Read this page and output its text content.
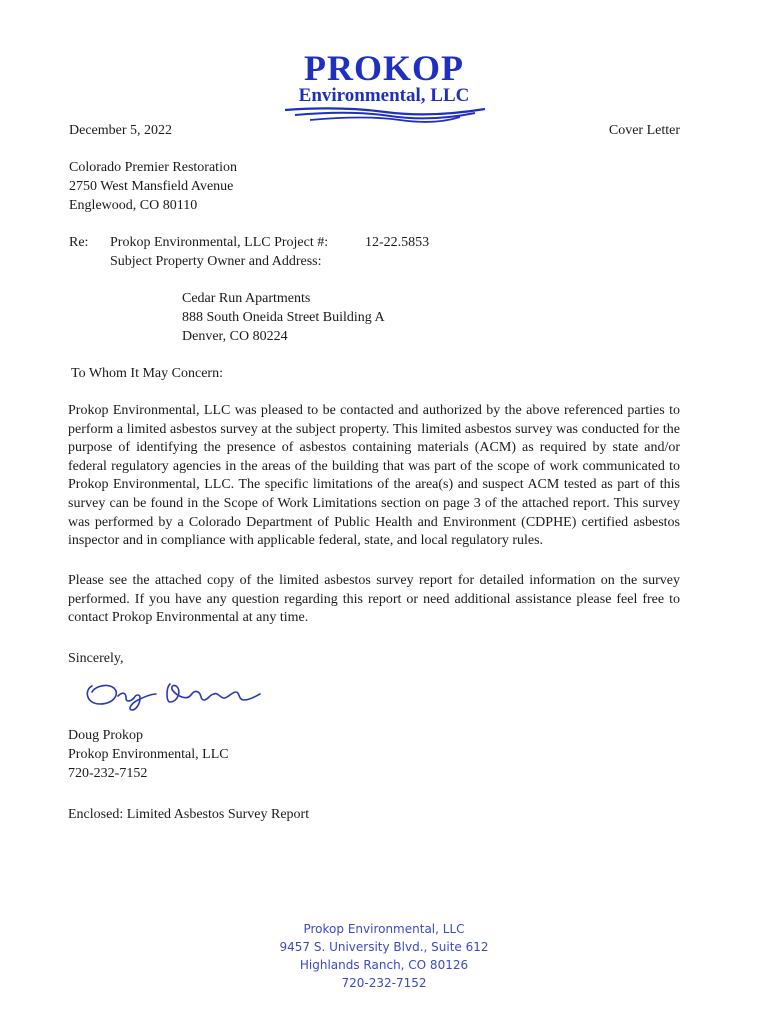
PROKOP
Environmental, LLC
December 5, 2022	Cover Letter
Colorado Premier Restoration
2750 West Mansfield Avenue
Englewood, CO 80110
Re: Prokop Environmental, LLC Project #:	12-22.5853
Subject Property Owner and Address:
Cedar Run Apartments
888 South Oneida Street Building A
Denver, CO 80224
To Whom It May Concern:

Prokop Environmental, LLC was pleased to be contacted and authorized by the above referenced parties to perform a limited asbestos survey at the subject property. This limited asbestos survey was conducted for the purpose of identifying the presence of asbestos containing materials (ACM) as required by state and/or federal regulatory agencies in the areas of the building that was part of the scope of work communicated to Prokop Environmental, LLC. The specific limitations of the area(s) and suspect ACM tested as part of this survey can be found in the Scope of Work Limitations section on page 3 of the attached report. This survey was performed by a Colorado Department of Public Health and Environment (CDPHE) certified asbestos inspector and in compliance with applicable federal, state, and local regulatory rules.

Please see the attached copy of the limited asbestos survey report for detailed information on the survey performed. If you have any question regarding this report or need additional assistance please feel free to contact Prokop Environmental at any time.

Sincerely,
Doug Prokop
Prokop Environmental, LLC
720-232-7152
Enclosed: Limited Asbestos Survey Report
Prokop Environmental, LLC
9457 S. University Blvd., Suite 612
Highlands Ranch, CO 80126
720-232-7152
